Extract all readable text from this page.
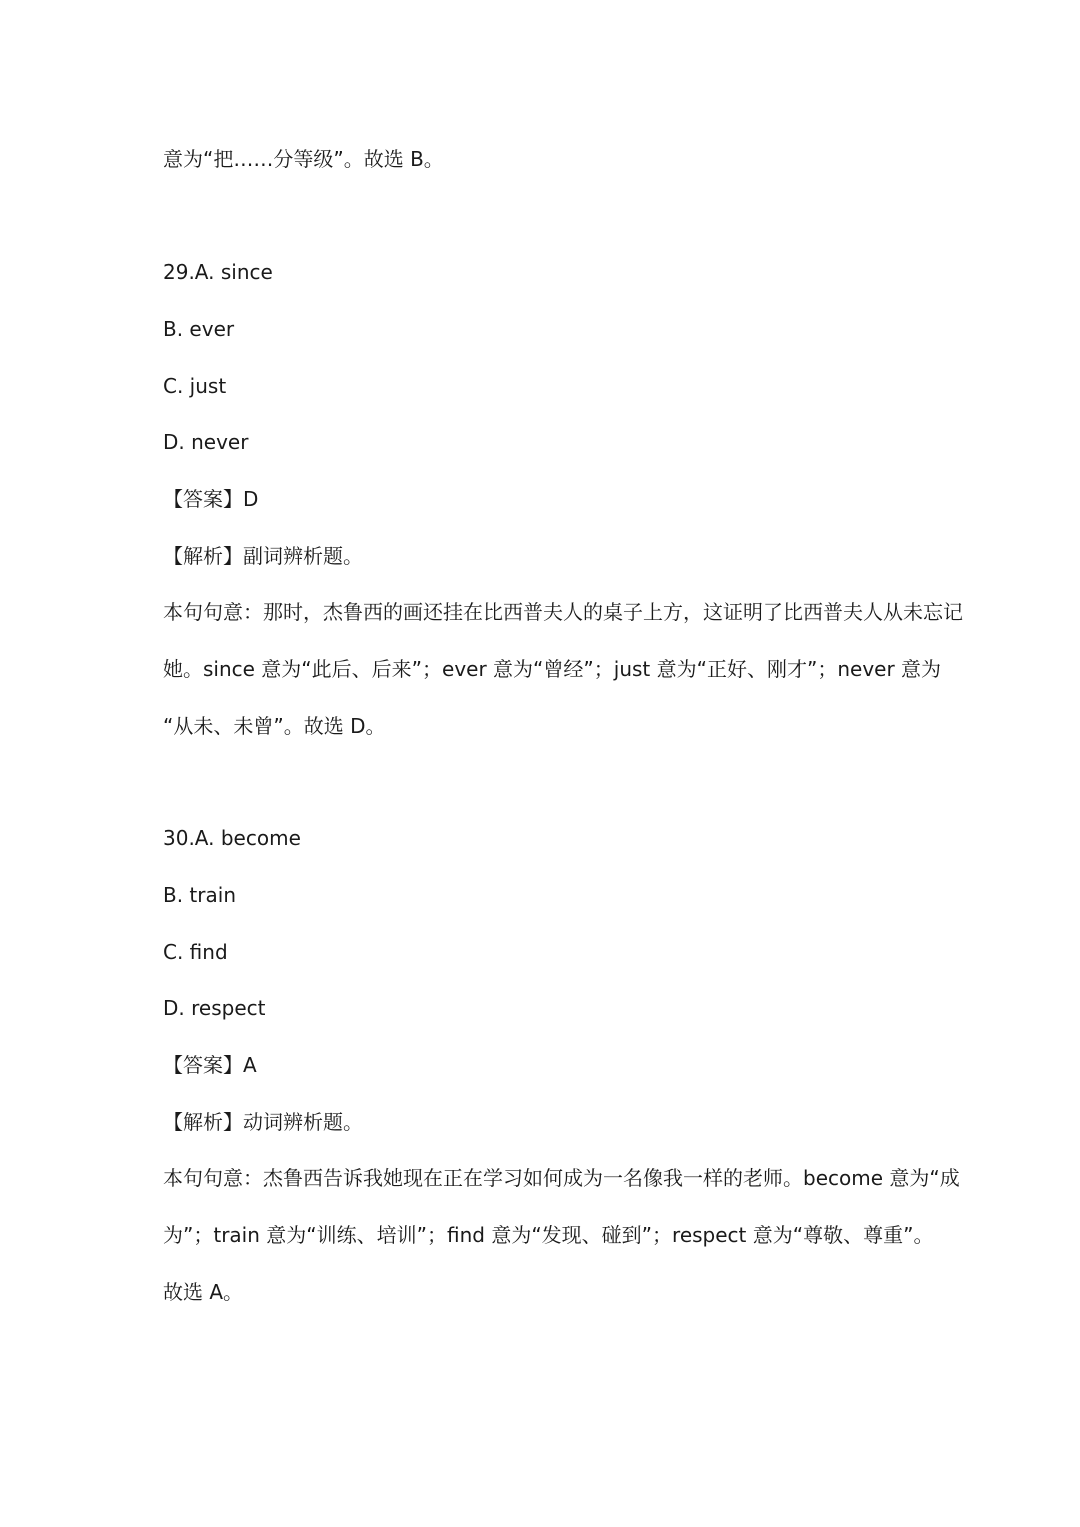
意为“把……分等级”。故选 B。
29.A. since
B. ever
C. just
D. never
【答案】D
【解析】副词辨析题。
本句句意：那时，杰鲁西的画还挂在比西普夫人的桌子上方，这证明了比西普夫人从未忘记
她。since 意为“此后、后来”；ever 意为“曾经”；just 意为“正好、刚才”；never 意为
“从未、未曾”。故选 D。
30.A. become
B. train
C. find
D. respect
【答案】A
【解析】动词辨析题。
本句句意：杰鲁西告诉我她现在正在学习如何成为一名像我一样的老师。become 意为“成
为”；train 意为“训练、培训”；find 意为“发现、碰到”；respect 意为“尊敬、尊重”。
故选 A。
